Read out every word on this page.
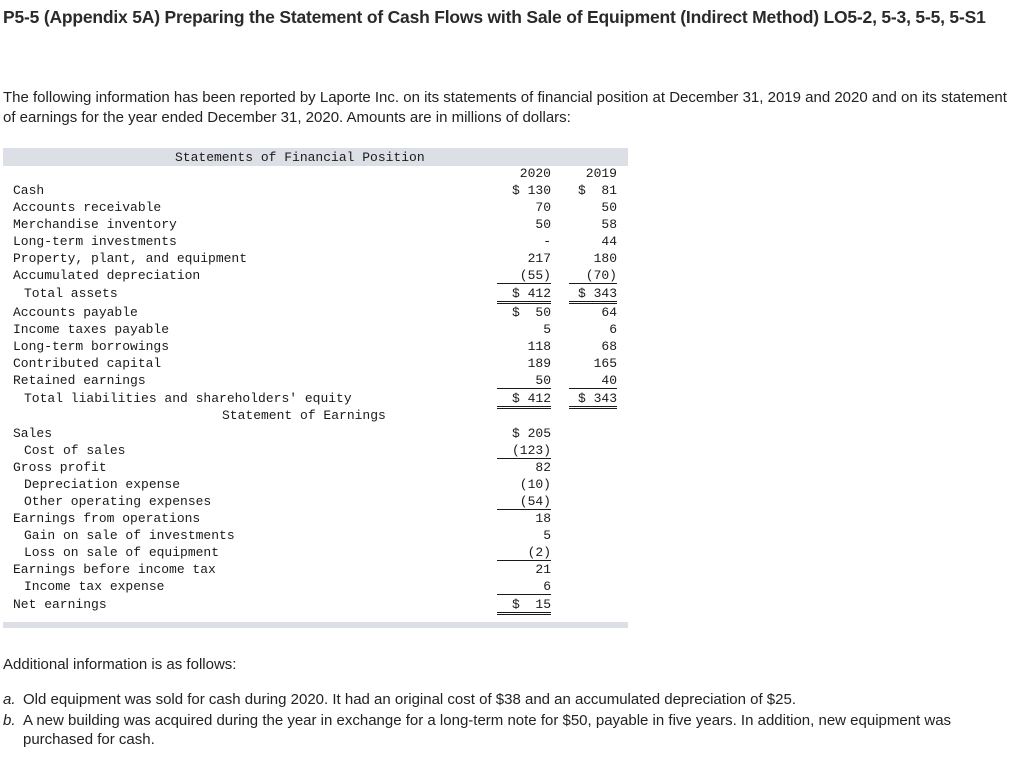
P5-5 (Appendix 5A) Preparing the Statement of Cash Flows with Sale of Equipment (Indirect Method) LO5-2, 5-3, 5-5, 5-S1
The following information has been reported by Laporte Inc. on its statements of financial position at December 31, 2019 and 2020 and on its statement of earnings for the year ended December 31, 2020. Amounts are in millions of dollars:
Statements of Financial Position
2020	2019
Cash	$ 130	$  81
Accounts receivable	70	50
Merchandise inventory	50	58
Long-term investments	-	44
Property, plant, and equipment	217	180
Accumulated depreciation	(55)	(70)
Total assets	$ 412	$ 343
Accounts payable	$  50	64
Income taxes payable	5	6
Long-term borrowings	118	68
Contributed capital	189	165
Retained earnings	50	40
Total liabilities and shareholders' equity	$ 412	$ 343
Statement of Earnings
Sales	$ 205
Cost of sales	(123)
Gross profit	82
Depreciation expense	(10)
Other operating expenses	(54)
Earnings from operations	18
Gain on sale of investments	5
Loss on sale of equipment	(2)
Earnings before income tax	21
Income tax expense	6
Net earnings	$  15
Additional information is as follows:
a. Old equipment was sold for cash during 2020. It had an original cost of $38 and an accumulated depreciation of $25.
b. A new building was acquired during the year in exchange for a long-term note for $50, payable in five years. In addition, new equipment was purchased for cash.
